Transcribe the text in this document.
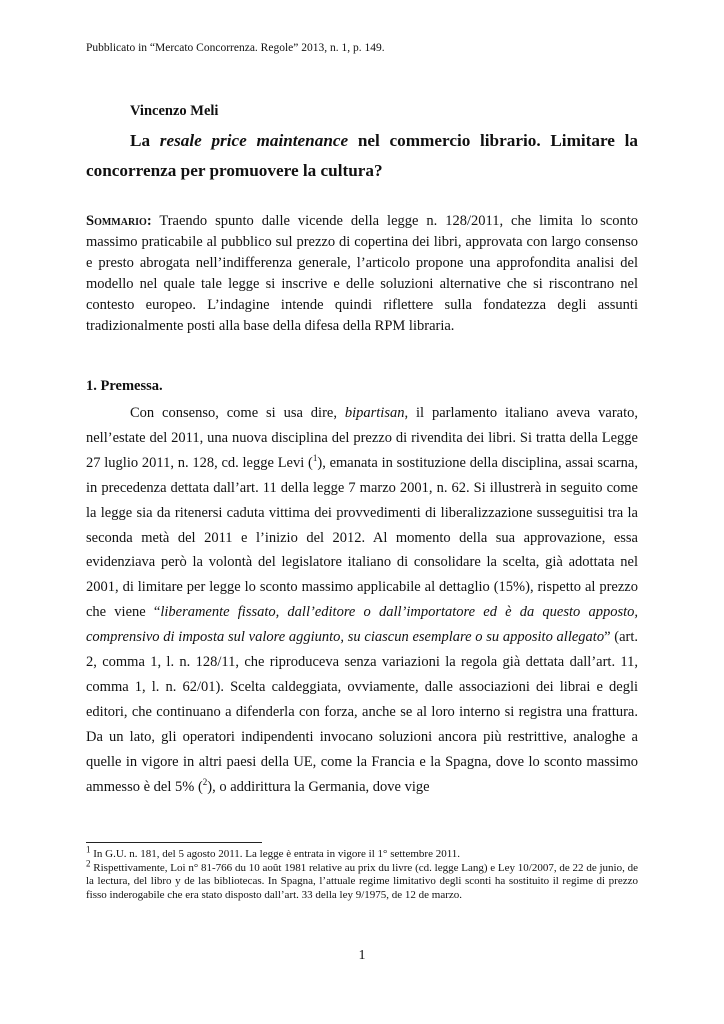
Pubblicato in “Mercato Concorrenza. Regole” 2013, n. 1, p. 149.
Vincenzo Meli
La resale price maintenance nel commercio librario. Limitare la concorrenza per promuovere la cultura?
Sommario: Traendo spunto dalle vicende della legge n. 128/2011, che limita lo sconto massimo praticabile al pubblico sul prezzo di copertina dei libri, approvata con largo consenso e presto abrogata nell’indifferenza generale, l’articolo propone una approfondita analisi del modello nel quale tale legge si inscrive e delle soluzioni alternative che si riscontrano nel contesto europeo. L’indagine intende quindi riflettere sulla fondatezza degli assunti tradizionalmente posti alla base della difesa della RPM libraria.
1. Premessa.

Con consenso, come si usa dire, bipartisan, il parlamento italiano aveva varato, nell’estate del 2011, una nuova disciplina del prezzo di rivendita dei libri. Si tratta della Legge 27 luglio 2011, n. 128, cd. legge Levi ($^1$), emanata in sostituzione della disciplina, assai scarna, in precedenza dettata dall’art. 11 della legge 7 marzo 2001, n. 62. Si illustrerà in seguito come la legge sia da ritenersi caduta vittima dei provvedimenti di liberalizzazione susseguitisi tra la seconda metà del 2011 e l’inizio del 2012. Al momento della sua approvazione, essa evidenziava però la volontà del legislatore italiano di consolidare la scelta, già adottata nel 2001, di limitare per legge lo sconto massimo applicabile al dettaglio (15%), rispetto al prezzo che viene “liberamente fissato, dall’editore o dall’importatore ed è da questo apposto, comprensivo di imposta sul valore aggiunto, su ciascun esemplare o su apposito allegato” (art. 2, comma 1, l. n. 128/11, che riproduceva senza variazioni la regola già dettata dall’art. 11, comma 1, l. n. 62/01). Scelta caldeggiata, ovviamente, dalle associazioni dei librai e degli editori, che continuano a difenderla con forza, anche se al loro interno si registra una frattura. Da un lato, gli operatori indipendenti invocano soluzioni ancora più restrittive, analoghe a quelle in vigore in altri paesi della UE, come la Francia e la Spagna, dove lo sconto massimo ammesso è del 5% ($^2$), o addirittura la Germania, dove vige

$^1$ In G.U. n. 181, del 5 agosto 2011. La legge è entrata in vigore il 1° settembre 2011.

$^2$ Rispettivamente, Loi n° 81-766 du 10 août 1981 relative au prix du livre (cd. legge Lang) e Ley 10/2007, de 22 de junio, de la lectura, del libro y de las bibliotecas. In Spagna, l’attuale regime limitativo degli sconti ha sostituito il regime di prezzo fisso inderogabile che era stato disposto dall’art. 33 della ley 9/1975, de 12 de marzo.

1
